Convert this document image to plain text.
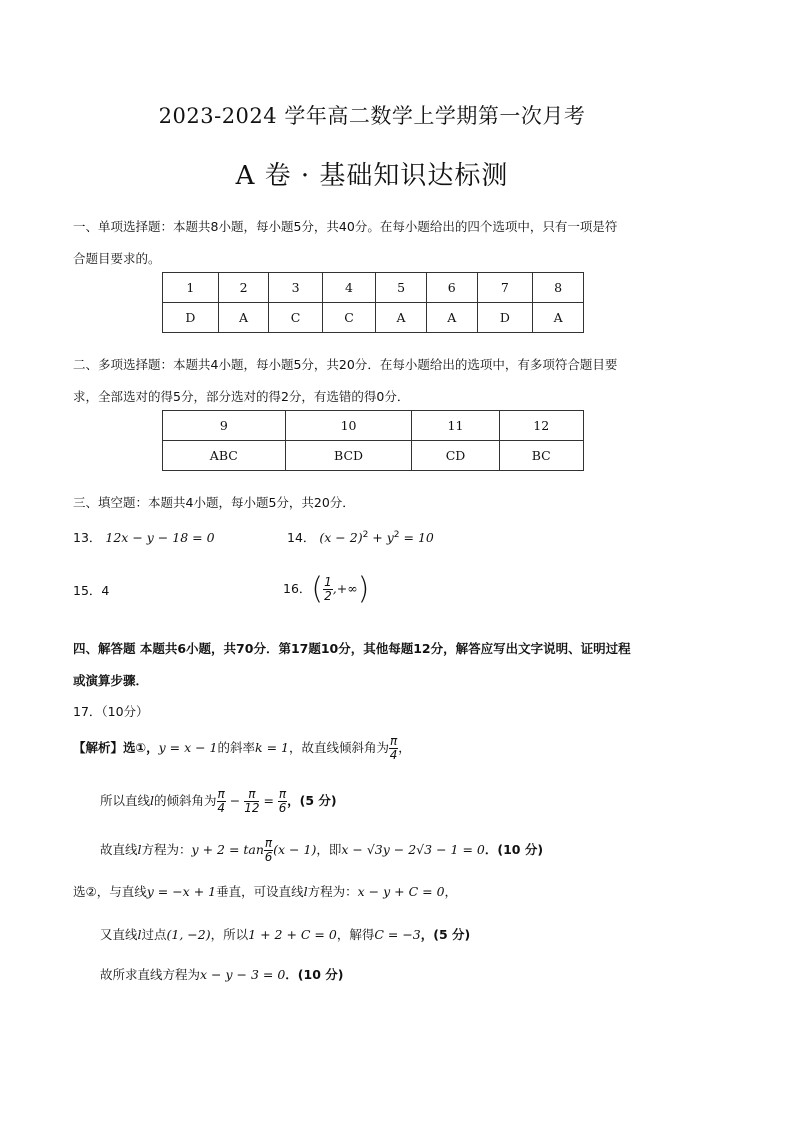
2023-2024 学年高二数学上学期第一次月考
A 卷 · 基础知识达标测
一、单项选择题：本题共8小题，每小题5分，共40分。在每小题给出的四个选项中，只有一项是符
合题目要求的。
1	2	3	4	5	6	7	8
D	A	C	C	A	A	D	A
二、多项选择题：本题共4小题，每小题5分，共20分．在每小题给出的选项中，有多项符合题目要
求，全部选对的得5分，部分选对的得2分，有选错的得0分．
9	10	11	12
ABC	BCD	CD	BC
三、填空题：本题共4小题，每小题5分，共20分．
13． 12x − y − 18 = 0	14． $(x - 2)^2 + y^2 = 10$
15．4	16．( $\frac{1}{2}$ ,+∞)
四、解答题 本题共6小题，共70分．第17题10分，其他每题12分，解答应写出文字说明、证明过程
或演算步骤．
17．（10分）
【解析】选①，y = x − 1的斜率k = 1，故直线倾斜角为 $\frac{\pi}{4}$ ，
所以直线l的倾斜角为 $\frac{\pi}{4} - \frac{\pi}{12} = \frac{\pi}{6}$ ，(5 分)
故直线l方程为：$y + 2 = \tan \frac{\pi}{6} (x - 1)$，即x − √3y − 2√3 − 1 = 0．(10 分)
选②，与直线y = −x + 1垂直，可设直线l方程为：x − y + C = 0，
又直线l过点(1, −2)，所以1 + 2 + C = 0，解得C = −3，(5 分)
故所求直线方程为x − y − 3 = 0．(10 分)
